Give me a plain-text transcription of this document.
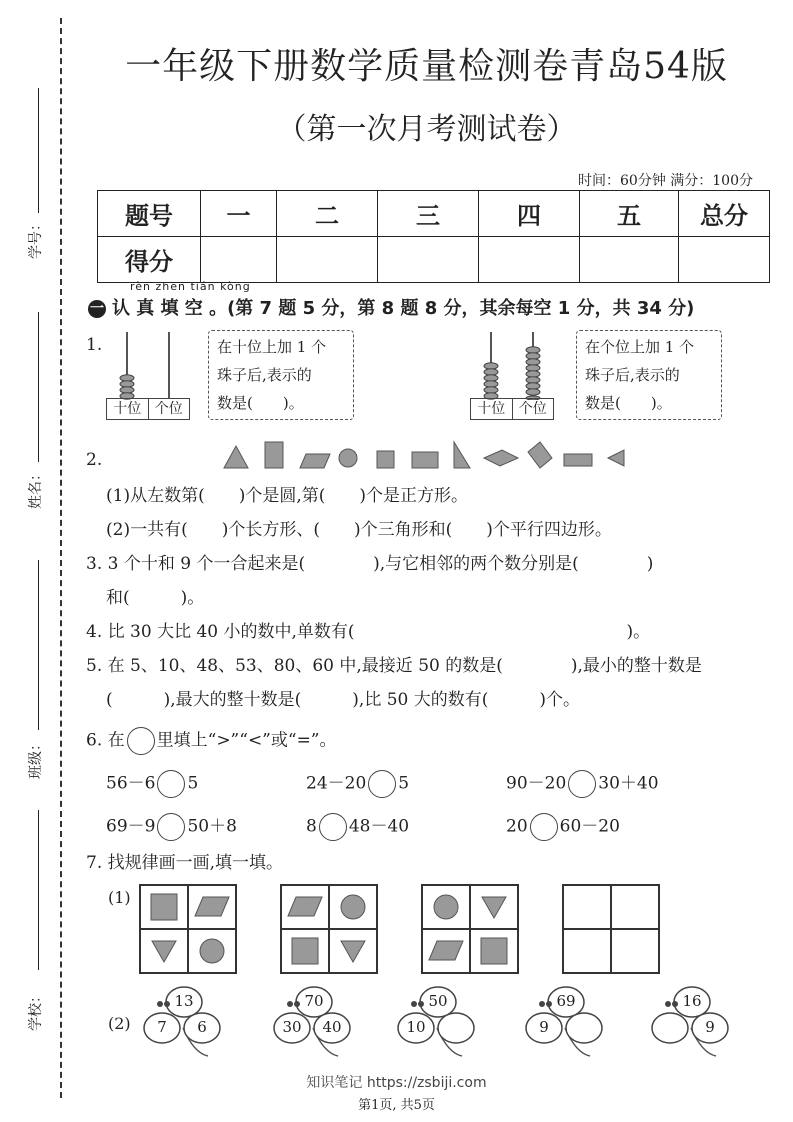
学号：
姓名：
班级：
学校：
一年级下册数学质量检测卷青岛54版
（第一次月考测试卷）
时间：60分钟 满分：100分
题号	一	二	三	四	五	总分
得分						
rèn zhēn tián kòng
一 认 真 填 空 。(第 7 题 5 分，第 8 题 8 分，其余每空 1 分，共 34 分)
1.
十位 个位
在十位上加 1 个
珠子后,表示的
数是(　　)。	十位 个位
在个位上加 1 个
珠子后,表示的
数是(　　)。
2.
(1)从左数第(　　)个是圆,第(　　)个是正方形。
(2)一共有(　　)个长方形、(　　)个三角形和(　　)个平行四边形。
3. 3 个十和 9 个一合起来是(　　　　),与它相邻的两个数分别是(　　　　)
和(　　　)。
4. 比 30 大比 40 小的数中,单数有(　　　　　　　　　　　　　　　　)。
5. 在 5、10、48、53、80、60 中,最接近 50 的数是(　　　　),最小的整十数是
(　　　),最大的整十数是(　　　),比 50 大的数有(　　　)个。
6. 在 里填上“>”“<”或“=”。
56－6 5	24－20 5	90－20 30＋40
69－9 50＋8	8 48－40	20 60－20
7. 找规律画一画,填一填。
(1)
(2)
13
7	6
70
30	40
50
10
69
9
16
9
知识笔记 https://zsbiji.com
第1页, 共5页
